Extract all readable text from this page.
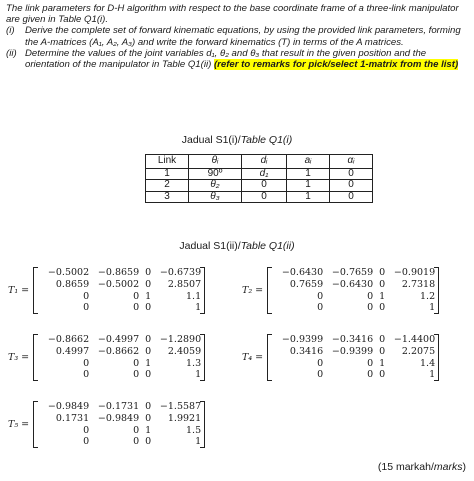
The link parameters for D-H algorithm with respect to the base coordinate frame of a three-link manipulator are given in Table Q1(i).

(i)	Derive the complete set of forward kinematic equations, by using the provided link parameters, forming the A-matrices (A₁, A₂, A₃) and write the forward kinematics (T) in terms of the A matrices.
(ii) Determine the values of the joint variables d₁, θ₂ and θ₃ that result in the given position and the orientation of the manipulator in Table Q1(ii) (refer to remarks for pick/select 1-matrix from the list)
Jadual S1(i)/Table Q1(i)
Link	θᵢ	dᵢ	aᵢ	αᵢ
1	90º	d₁	1	0
2	θ₂	0	1	0
3	θ₃	0	1	0
Jadual S1(ii)/Table Q1(ii)
T₁ =
−0.5002 −0.8659 0 −0.6739
0.8659 −0.5002 0	2.8507
0	0 1	1.1
0	0 0	1
T₂ =
−0.6430 −0.7659 0 −0.9019
0.7659 −0.6430 0	2.7318
0	0 1	1.2
0	0 0	1
T₃ =
−0.8662 −0.4997 0 −1.2890
0.4997 −0.8662 0	2.4059
0	0 1	1.3
0	0 0	1
T₄ =
−0.9399 −0.3416 0 −1.4400
0.3416 −0.9399 0	2.2075
0	0 1	1.4
0	0 0	1
T₅ =
−0.9849 −0.1731 0 −1.5587
0.1731 −0.9849 0	1.9921
0	0 1	1.5
0	0 0	1
(15 markah/marks)
